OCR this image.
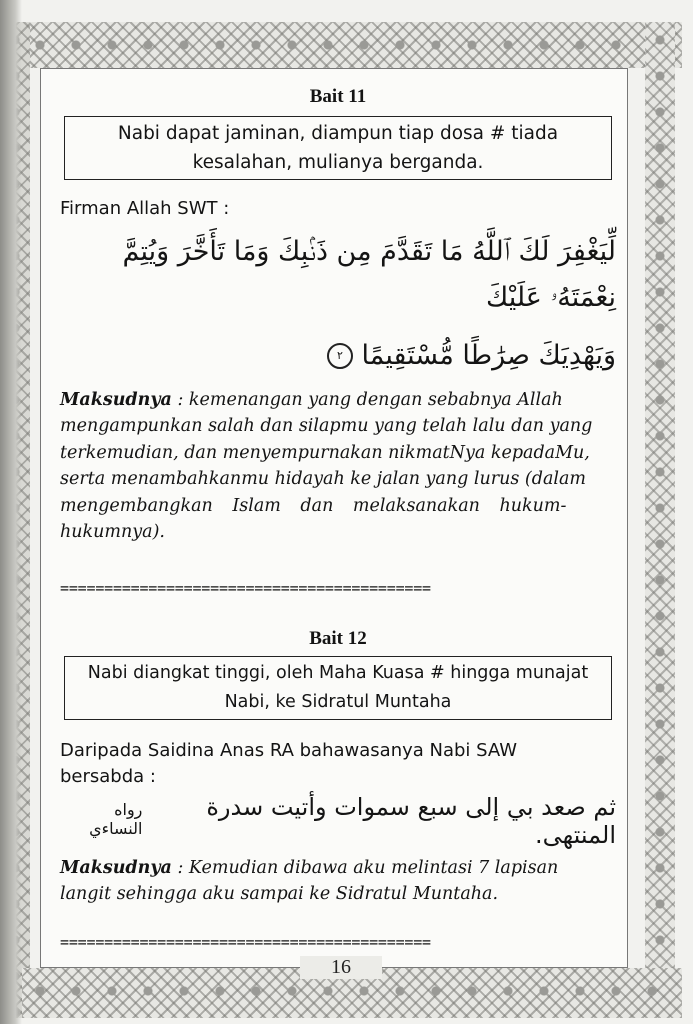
Bait 11
Nabi dapat jaminan, diampun tiap dosa # tiada
kesalahan, mulianya berganda.

Firman Allah SWT :

لِّيَغْفِرَ لَكَ ٱللَّهُ مَا تَقَدَّمَ مِن ذَنۢبِكَ وَمَا تَأَخَّرَ وَيُتِمَّ نِعْمَتَهُۥ عَلَيْكَ

وَيَهْدِيَكَ صِرَٰطًا مُّسْتَقِيمًا ٢

Maksudnya : kemenangan yang dengan sebabnya Allah
mengampunkan salah dan silapmu yang telah lalu dan yang
terkemudian, dan menyempurnakan nikmatNya kepadaMu,
serta menambahkanmu hidayah ke jalan yang lurus (dalam
mengembangkan Islam dan melaksanakan hukum-
hukumnya).

==========================================

Bait 12
Nabi diangkat tinggi, oleh Maha Kuasa # hingga munajat
Nabi, ke Sidratul Muntaha
Daripada Saidina Anas RA bahawasanya Nabi SAW
bersabda :
رواه النساءي
ثم صعد بي إلى سبع سموات وأتيت سدرة المنتهى.
Maksudnya : Kemudian dibawa aku melintasi 7 lapisan
langit sehingga aku sampai ke Sidratul Muntaha.

==========================================

16
